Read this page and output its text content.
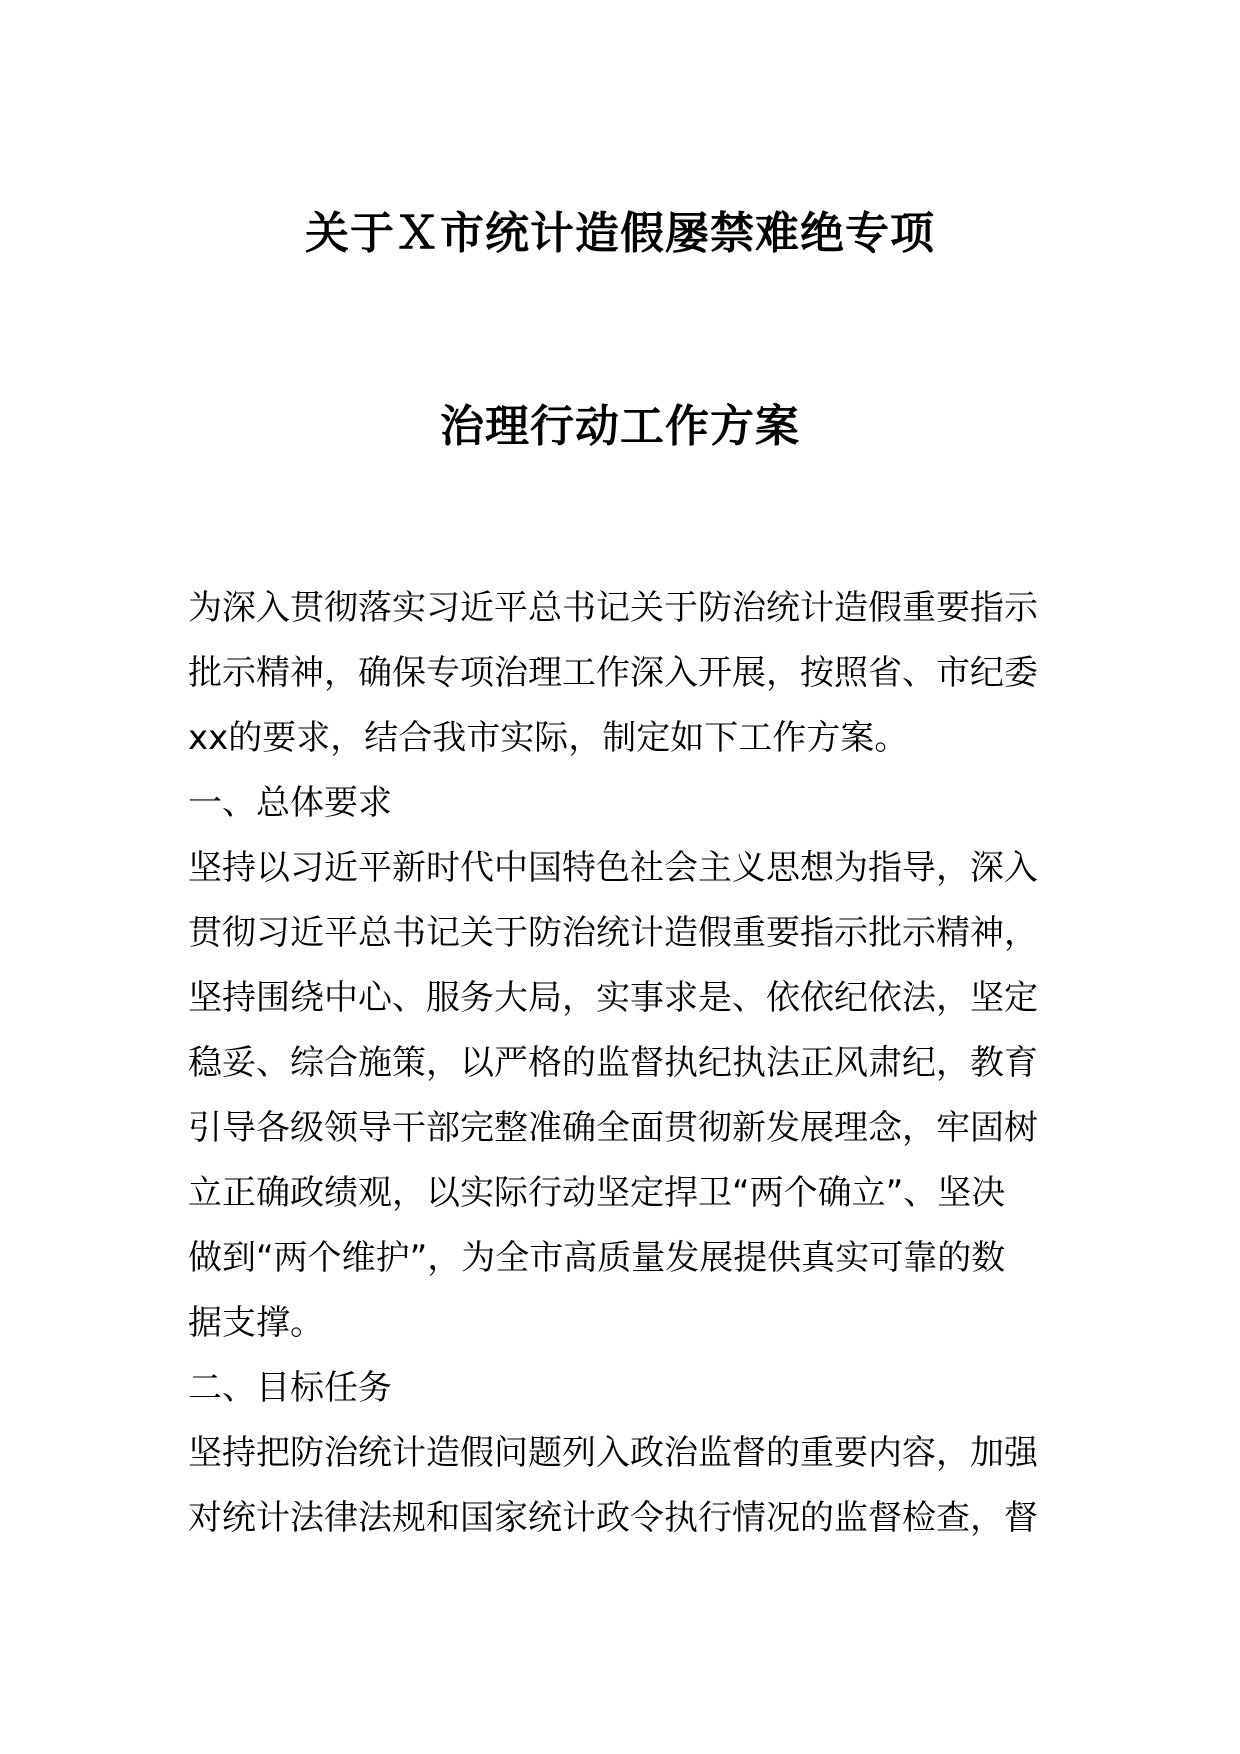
关于Ｘ市统计造假屡禁难绝专项
治理行动工作方案
为深入贯彻落实习近平总书记关于防治统计造假重要指示
批示精神，确保专项治理工作深入开展，按照省、市纪委
xx的要求，结合我市实际，制定如下工作方案。
一、总体要求
坚持以习近平新时代中国特色社会主义思想为指导，深入
贯彻习近平总书记关于防治统计造假重要指示批示精神，
坚持围绕中心、服务大局，实事求是、依依纪依法，坚定
稳妥、综合施策，以严格的监督执纪执法正风肃纪，教育
引导各级领导干部完整准确全面贯彻新发展理念，牢固树
立正确政绩观，以实际行动坚定捍卫“两个确立”、坚决
做到“两个维护”，为全市高质量发展提供真实可靠的数
据支撑。
二、目标任务
坚持把防治统计造假问题列入政治监督的重要内容，加强
对统计法律法规和国家统计政令执行情况的监督检查，督
